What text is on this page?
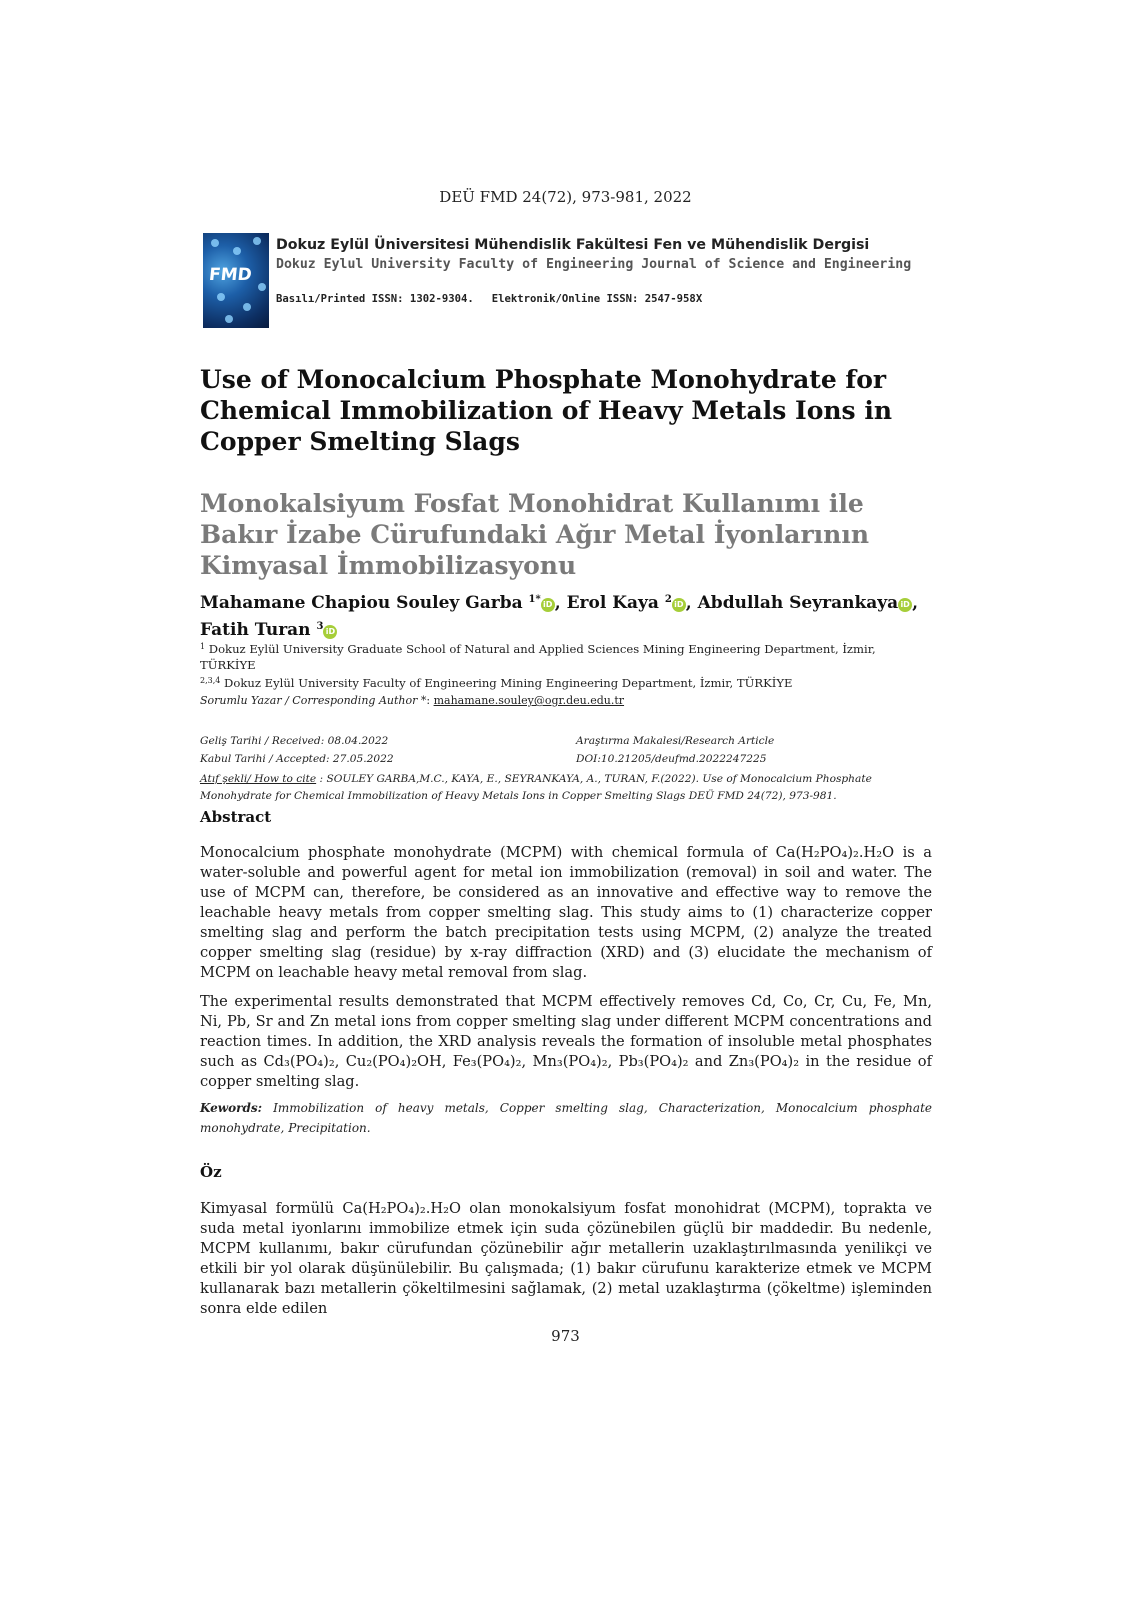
DEÜ FMD 24(72), 973-981, 2022
FMD
Dokuz Eylül Üniversitesi Mühendislik Fakültesi Fen ve Mühendislik Dergisi
Dokuz Eylul University Faculty of Engineering Journal of Science and Engineering
Basılı/Printed ISSN: 1302-9304. Elektronik/Online ISSN: 2547-958X
Use of Monocalcium Phosphate Monohydrate for Chemical Immobilization of Heavy Metals Ions in Copper Smelting Slags
Monokalsiyum Fosfat Monohidrat Kullanımı ile Bakır İzabe Cürufundaki Ağır Metal İyonlarının Kimyasal İmmobilizasyonu
Mahamane Chapiou Souley Garba $^{1*}$ iD , Erol Kaya $^2$ iD , Abdullah Seyrankaya iD , Fatih Turan $^3$ iD
$^1$ Dokuz Eylül University Graduate School of Natural and Applied Sciences Mining Engineering Department, İzmir, TÜRKİYE
$^{2,3,4}$ Dokuz Eylül University Faculty of Engineering Mining Engineering Department, İzmir, TÜRKİYE
Sorumlu Yazar / Corresponding Author *: mahamane.souley@ogr.deu.edu.tr
Geliş Tarihi / Received: 08.04.2022	Araştırma Makalesi/Research Article
Kabul Tarihi / Accepted: 27.05.2022	DOI:10.21205/deufmd.2022247225
Atıf şekli/ How to cite : SOULEY GARBA,M.C., KAYA, E., SEYRANKAYA, A., TURAN, F.(2022). Use of Monocalcium Phosphate Monohydrate for Chemical Immobilization of Heavy Metals Ions in Copper Smelting Slags DEÜ FMD 24(72), 973-981.
Abstract
Monocalcium phosphate monohydrate (MCPM) with chemical formula of Ca(H₂PO₄)₂.H₂O is a water-soluble and powerful agent for metal ion immobilization (removal) in soil and water. The use of MCPM can, therefore, be considered as an innovative and effective way to remove the leachable heavy metals from copper smelting slag. This study aims to (1) characterize copper smelting slag and perform the batch precipitation tests using MCPM, (2) analyze the treated copper smelting slag (residue) by x-ray diffraction (XRD) and (3) elucidate the mechanism of MCPM on leachable heavy metal removal from slag.
The experimental results demonstrated that MCPM effectively removes Cd, Co, Cr, Cu, Fe, Mn, Ni, Pb, Sr and Zn metal ions from copper smelting slag under different MCPM concentrations and reaction times. In addition, the XRD analysis reveals the formation of insoluble metal phosphates such as Cd₃(PO₄)₂, Cu₂(PO₄)₂OH, Fe₃(PO₄)₂, Mn₃(PO₄)₂, Pb₃(PO₄)₂ and Zn₃(PO₄)₂ in the residue of copper smelting slag.
Kewords: Immobilization of heavy metals, Copper smelting slag, Characterization, Monocalcium phosphate monohydrate, Precipitation.
Öz
Kimyasal formülü Ca(H₂PO₄)₂.H₂O olan monokalsiyum fosfat monohidrat (MCPM), toprakta ve suda metal iyonlarını immobilize etmek için suda çözünebilen güçlü bir maddedir. Bu nedenle, MCPM kullanımı, bakır cürufundan çözünebilir ağır metallerin uzaklaştırılmasında yenilikçi ve etkili bir yol olarak düşünülebilir. Bu çalışmada; (1) bakır cürufunu karakterize etmek ve MCPM kullanarak bazı metallerin çökeltilmesini sağlamak, (2) metal uzaklaştırma (çökeltme) işleminden sonra elde edilen
973
